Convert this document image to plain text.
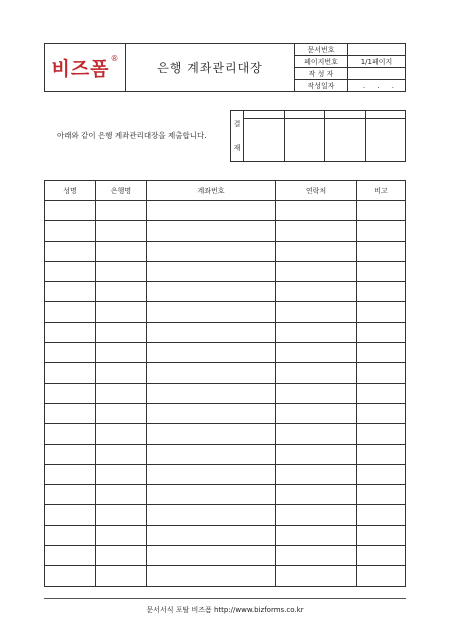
비즈폼®	은행 계좌관리대장	문서번호	
		페이지번호	1/1페이지
		작 성 자	
		작성일자	. . .
아래와 같이 은행 계좌관리대장을 제출합니다.
결
재				

성명	은행명	계좌번호	연락처	비고

문서서식 포탈 비즈폼 http://www.bizforms.co.kr
